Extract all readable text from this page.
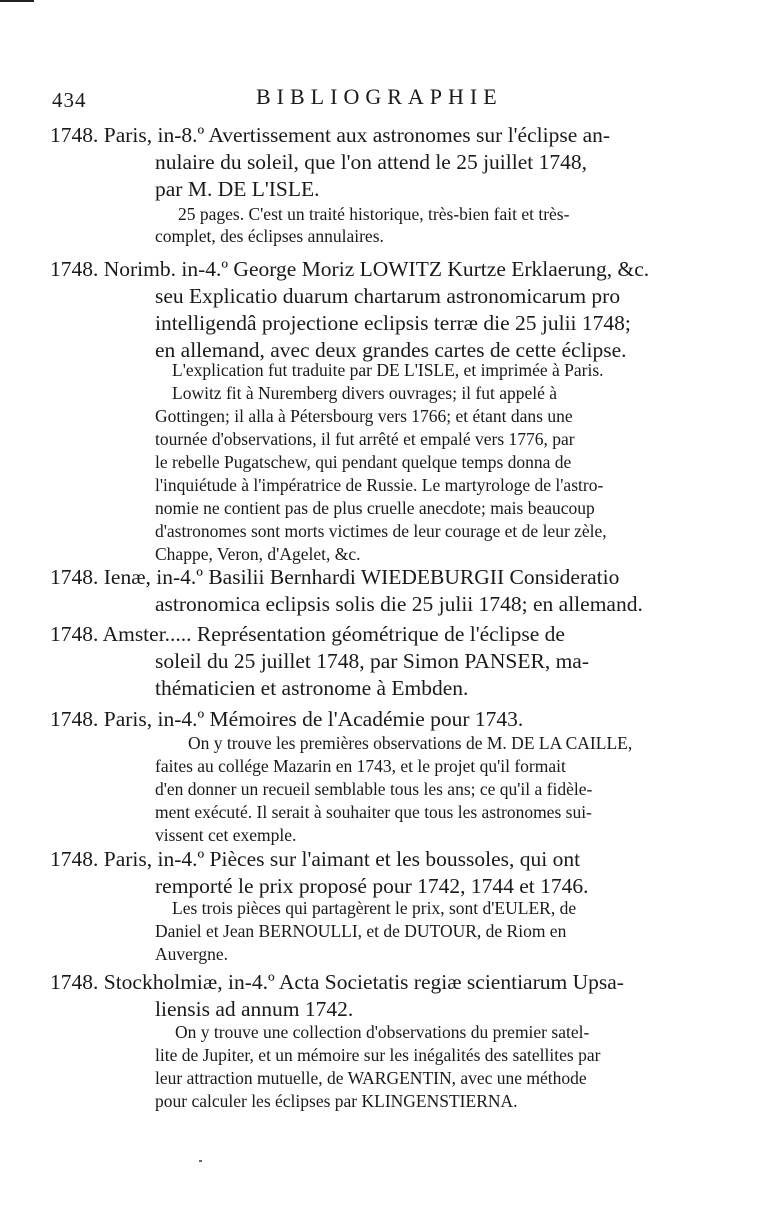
434	BIBLIOGRAPHIE
1748. Paris, in-8.º Avertissement aux astronomes sur l'éclipse an-
nulaire du soleil, que l'on attend le 25 juillet 1748,
par M. DE L'ISLE.
25 pages. C'est un traité historique, très-bien fait et très-
complet, des éclipses annulaires.
1748. Norimb. in-4.º George Moriz LOWITZ Kurtze Erklaerung, &c.
seu Explicatio duarum chartarum astronomicarum pro
intelligendâ projectione eclipsis terræ die 25 julii 1748;
en allemand, avec deux grandes cartes de cette éclipse.
L'explication fut traduite par DE L'ISLE, et imprimée à Paris.
Lowitz fit à Nuremberg divers ouvrages; il fut appelé à
Gottingen; il alla à Pétersbourg vers 1766; et étant dans une
tournée d'observations, il fut arrêté et empalé vers 1776, par
le rebelle Pugatschew, qui pendant quelque temps donna de
l'inquiétude à l'impératrice de Russie. Le martyrologe de l'astro-
nomie ne contient pas de plus cruelle anecdote; mais beaucoup
d'astronomes sont morts victimes de leur courage et de leur zèle,
Chappe, Veron, d'Agelet, &c.
1748. Ienæ, in-4.º Basilii Bernhardi WIEDEBURGII Consideratio
astronomica eclipsis solis die 25 julii 1748; en allemand.
1748. Amster..... Représentation géométrique de l'éclipse de
soleil du 25 juillet 1748, par Simon PANSER, ma-
thématicien et astronome à Embden.
1748. Paris, in-4.º Mémoires de l'Académie pour 1743.
On y trouve les premières observations de M. DE LA CAILLE,
faites au collége Mazarin en 1743, et le projet qu'il formait
d'en donner un recueil semblable tous les ans; ce qu'il a fidèle-
ment exécuté. Il serait à souhaiter que tous les astronomes sui-
vissent cet exemple.
1748. Paris, in-4.º Pièces sur l'aimant et les boussoles, qui ont
remporté le prix proposé pour 1742, 1744 et 1746.
Les trois pièces qui partagèrent le prix, sont d'EULER, de
Daniel et Jean BERNOULLI, et de DUTOUR, de Riom en
Auvergne.
1748. Stockholmiæ, in-4.º Acta Societatis regiæ scientiarum Upsa-
liensis ad annum 1742.
On y trouve une collection d'observations du premier satel-
lite de Jupiter, et un mémoire sur les inégalités des satellites par
leur attraction mutuelle, de WARGENTIN, avec une méthode
pour calculer les éclipses par KLINGENSTIERNA.
